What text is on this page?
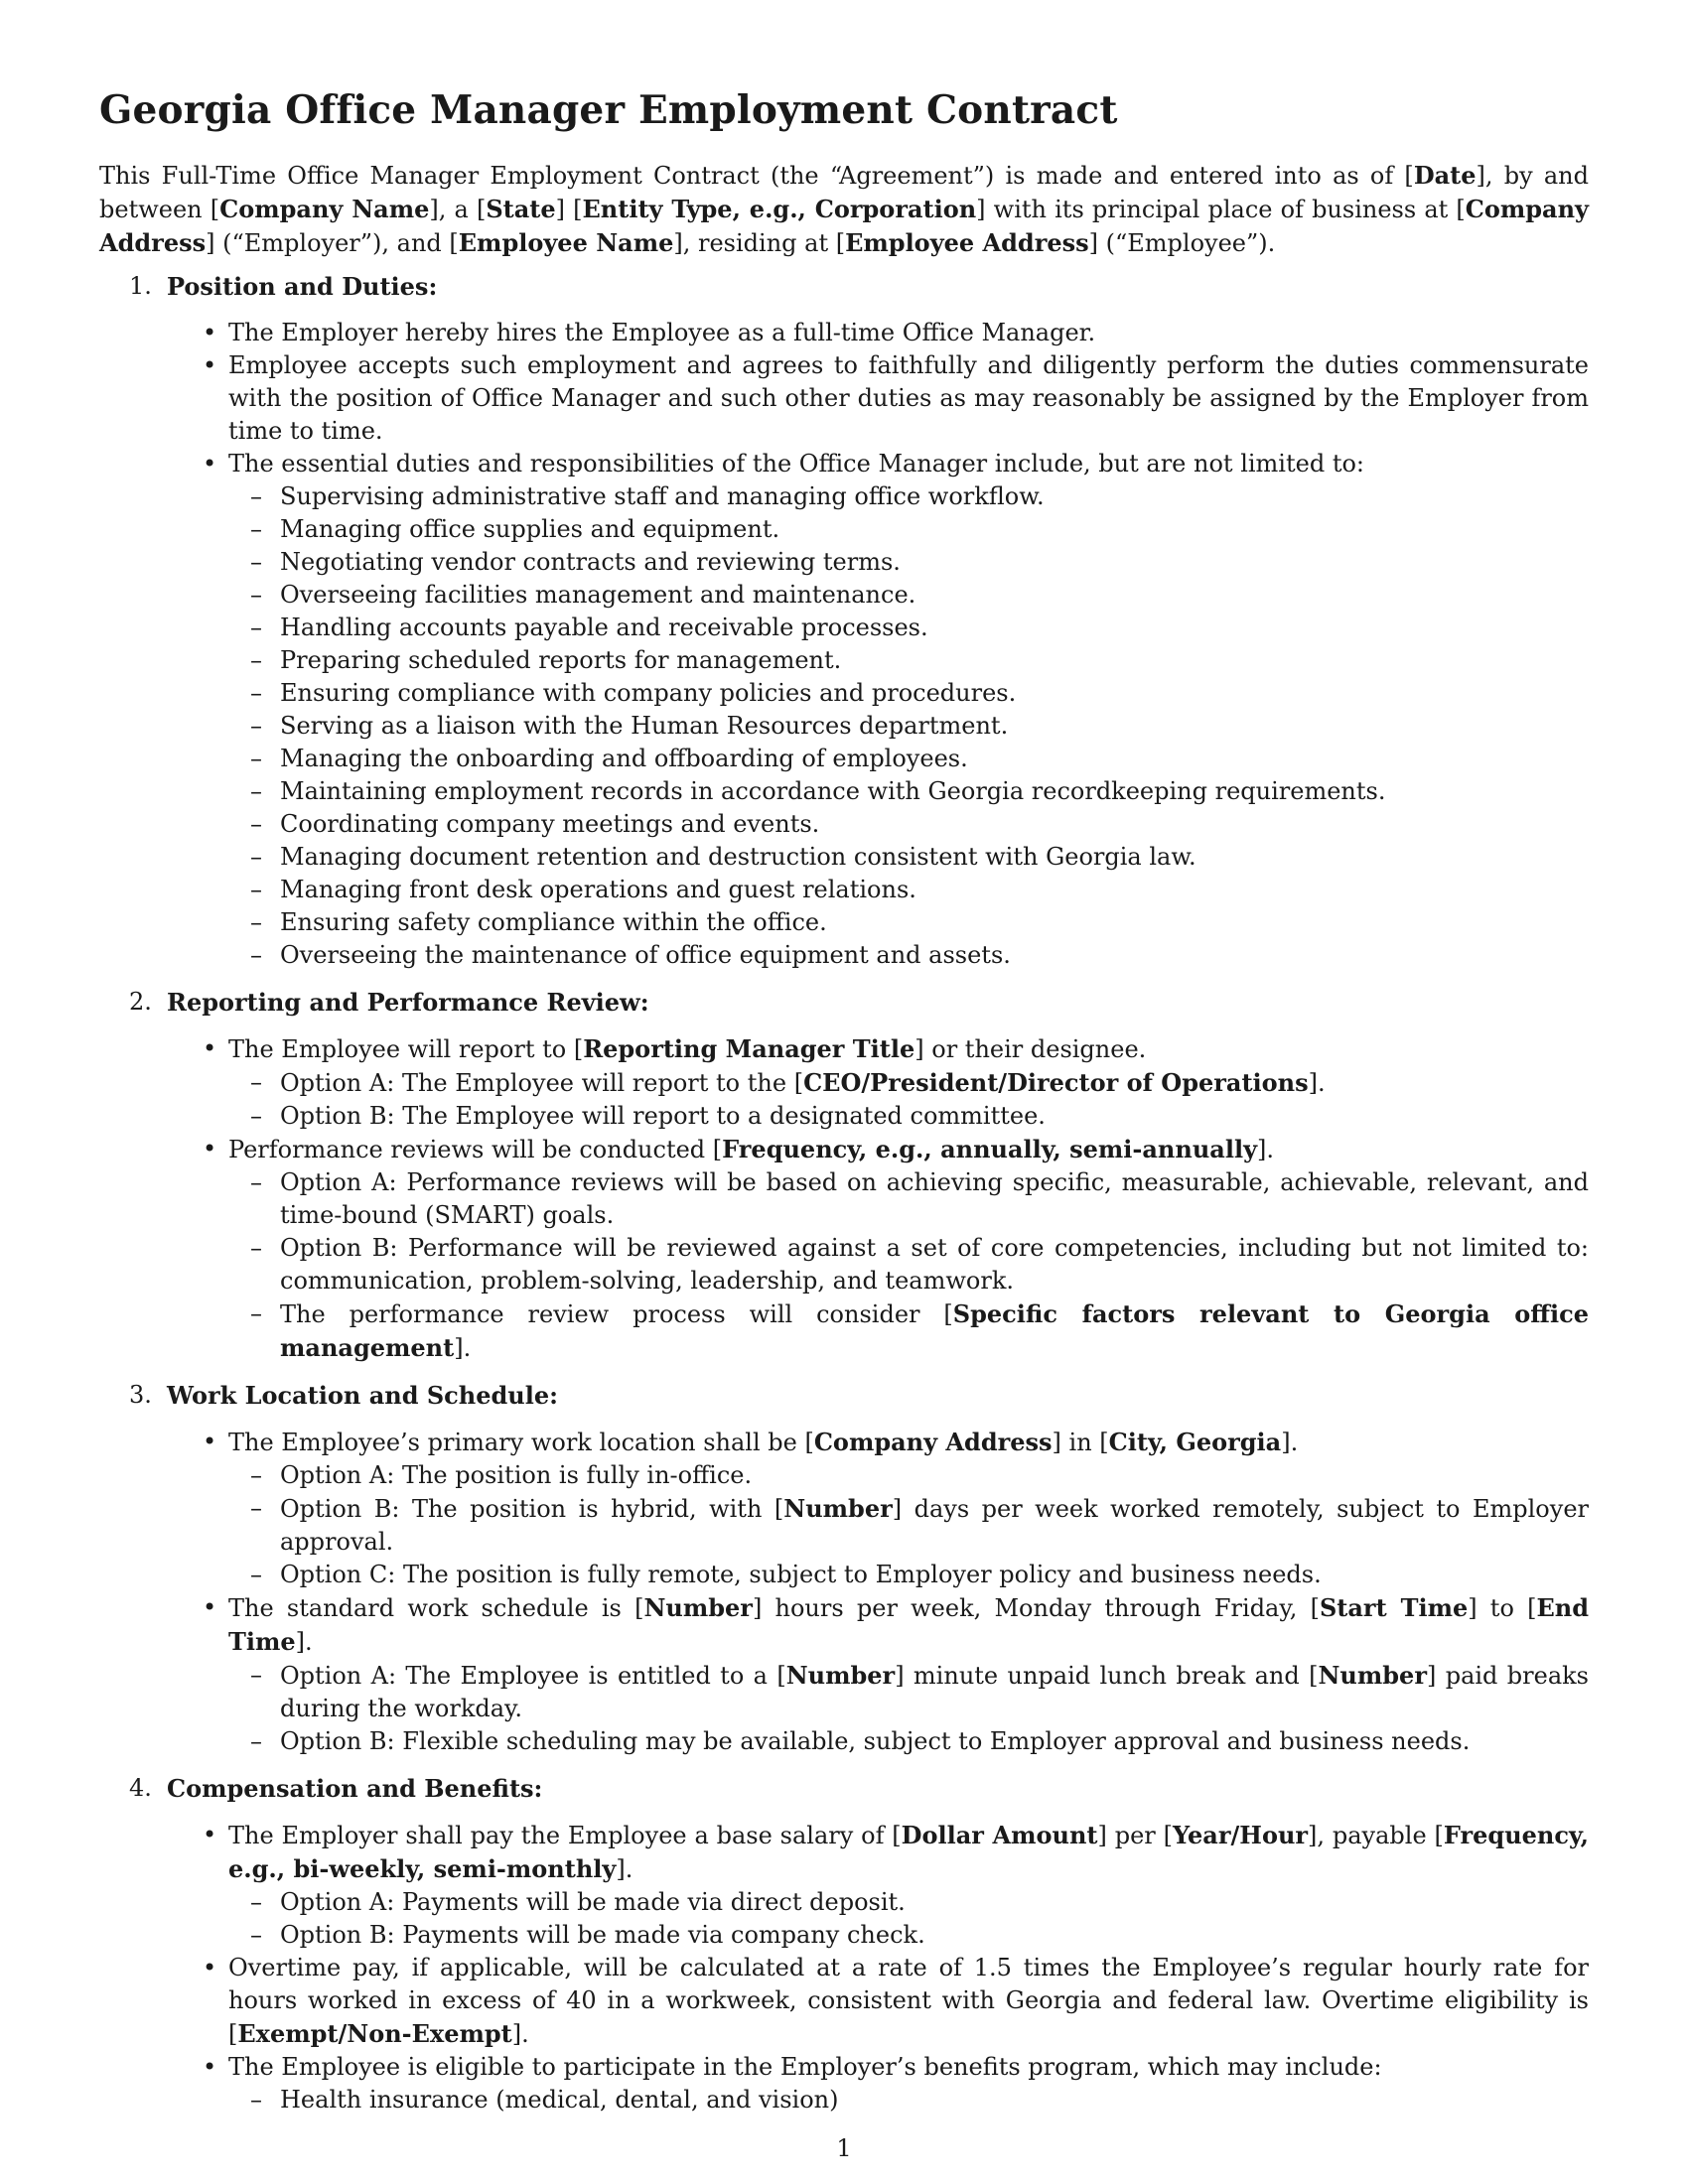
Georgia Office Manager Employment Contract

This Full-Time Office Manager Employment Contract (the “Agreement”) is made and entered into as of [Date], by and between [Company Name], a [State] [Entity Type, e.g., Corporation] with its principal place of business at [Company Address] (“Employer”), and [Employee Name], residing at [Employee Address] (“Employee”).

1. Position and Duties:
• The Employer hereby hires the Employee as a full-time Office Manager.
• Employee accepts such employment and agrees to faithfully and diligently perform the duties commensurate with the position of Office Manager and such other duties as may reasonably be assigned by the Employer from time to time.
• The essential duties and responsibilities of the Office Manager include, but are not limited to:
– Supervising administrative staff and managing office workflow.
– Managing office supplies and equipment.
– Negotiating vendor contracts and reviewing terms.
– Overseeing facilities management and maintenance.
– Handling accounts payable and receivable processes.
– Preparing scheduled reports for management.
– Ensuring compliance with company policies and procedures.
– Serving as a liaison with the Human Resources department.
– Managing the onboarding and offboarding of employees.
– Maintaining employment records in accordance with Georgia recordkeeping requirements.
– Coordinating company meetings and events.
– Managing document retention and destruction consistent with Georgia law.
– Managing front desk operations and guest relations.
– Ensuring safety compliance within the office.
– Overseeing the maintenance of office equipment and assets.
2. Reporting and Performance Review:
• The Employee will report to [Reporting Manager Title] or their designee.
– Option A: The Employee will report to the [CEO/President/Director of Operations].
– Option B: The Employee will report to a designated committee.
• Performance reviews will be conducted [Frequency, e.g., annually, semi-annually].
– Option A: Performance reviews will be based on achieving specific, measurable, achievable, relevant, and time-bound (SMART) goals.
– Option B: Performance will be reviewed against a set of core competencies, including but not limited to: communication, problem-solving, leadership, and teamwork.
– The performance review process will consider [Specific factors relevant to Georgia office management].
3. Work Location and Schedule:
• The Employee’s primary work location shall be [Company Address] in [City, Georgia].
– Option A: The position is fully in-office.
– Option B: The position is hybrid, with [Number] days per week worked remotely, subject to Employer approval.
– Option C: The position is fully remote, subject to Employer policy and business needs.
• The standard work schedule is [Number] hours per week, Monday through Friday, [Start Time] to [End Time].
– Option A: The Employee is entitled to a [Number] minute unpaid lunch break and [Number] paid breaks during the workday.
– Option B: Flexible scheduling may be available, subject to Employer approval and business needs.
4. Compensation and Benefits:
• The Employer shall pay the Employee a base salary of [Dollar Amount] per [Year/Hour], payable [Frequency, e.g., bi-weekly, semi-monthly].
– Option A: Payments will be made via direct deposit.
– Option B: Payments will be made via company check.
• Overtime pay, if applicable, will be calculated at a rate of 1.5 times the Employee’s regular hourly rate for hours worked in excess of 40 in a workweek, consistent with Georgia and federal law. Overtime eligibility is [Exempt/Non-Exempt].
• The Employee is eligible to participate in the Employer’s benefits program, which may include:
– Health insurance (medical, dental, and vision)
1
